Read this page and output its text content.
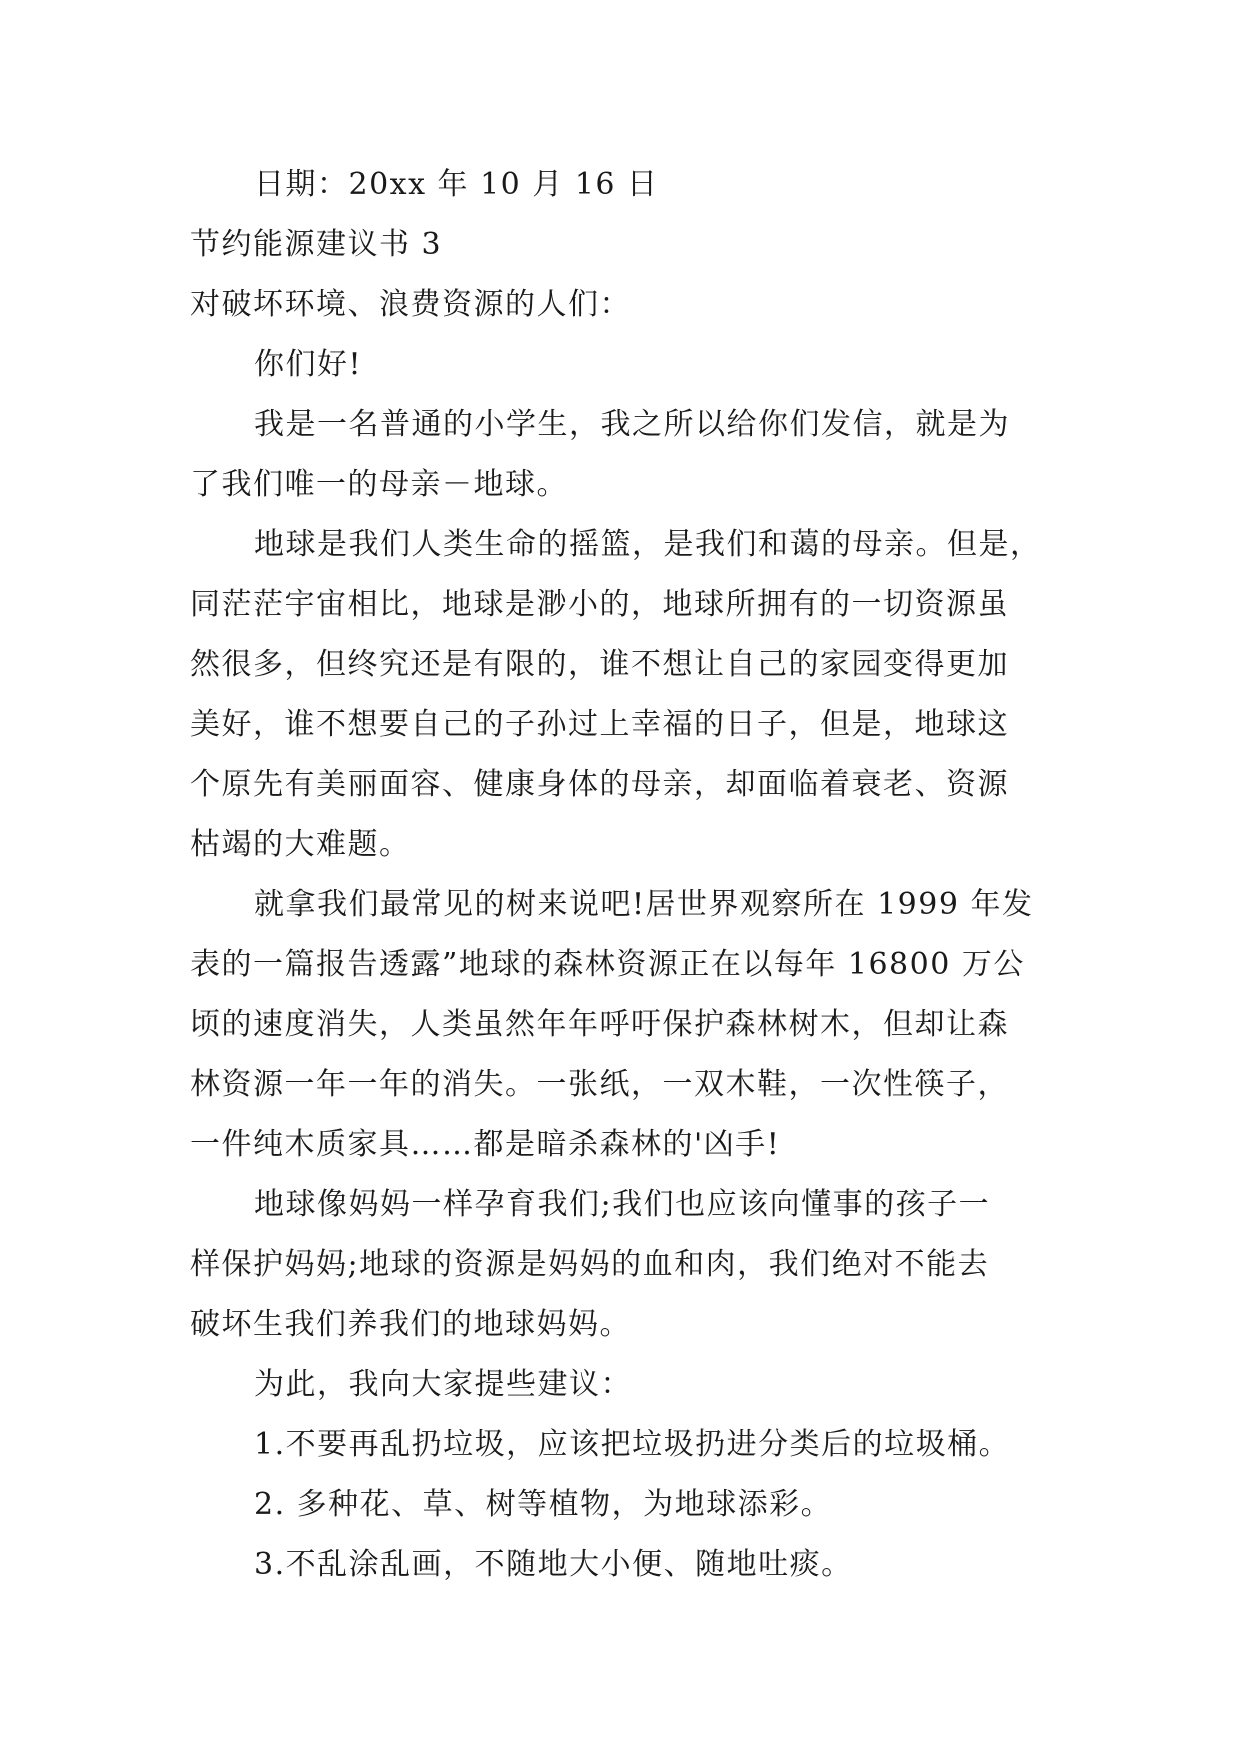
日期：20xx 年 10 月 16 日
节约能源建议书 3
对破坏环境、浪费资源的人们：
你们好!
我是一名普通的小学生，我之所以给你们发信，就是为
了我们唯一的母亲－地球。
地球是我们人类生命的摇篮，是我们和蔼的母亲。但是，
同茫茫宇宙相比，地球是渺小的，地球所拥有的一切资源虽
然很多，但终究还是有限的，谁不想让自己的家园变得更加
美好，谁不想要自己的子孙过上幸福的日子，但是，地球这
个原先有美丽面容、健康身体的母亲，却面临着衰老、资源
枯竭的大难题。
就拿我们最常见的树来说吧!居世界观察所在 1999 年发
表的一篇报告透露”地球的森林资源正在以每年 16800 万公
顷的速度消失，人类虽然年年呼吁保护森林树木，但却让森
林资源一年一年的消失。一张纸，一双木鞋，一次性筷子，
一件纯木质家具……都是暗杀森林的'凶手!
地球像妈妈一样孕育我们;我们也应该向懂事的孩子一
样保护妈妈;地球的资源是妈妈的血和肉，我们绝对不能去
破坏生我们养我们的地球妈妈。
为此，我向大家提些建议：
1.不要再乱扔垃圾，应该把垃圾扔进分类后的垃圾桶。
2. 多种花、草、树等植物，为地球添彩。
3.不乱涂乱画，不随地大小便、随地吐痰。
